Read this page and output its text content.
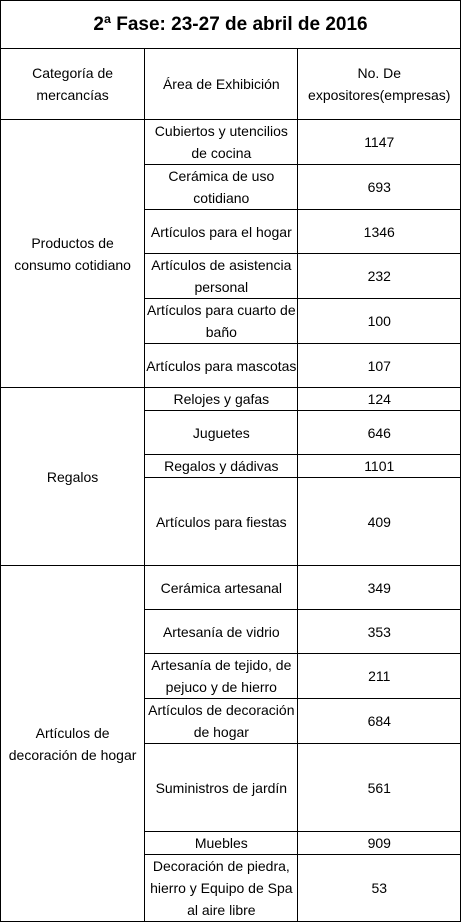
2ª Fase: 23-27 de abril de 2016		
Categoría de mercancías	Área de Exhibición	No. De expositores(empresas)
Productos de consumo cotidiano	Cubiertos y utencilios de cocina	1147
	Cerámica de uso cotidiano	693
	Artículos para el hogar	1346
	Artículos de asistencia personal	232
	Artículos para cuarto de baño	100
	Artículos para mascotas	107
Regalos	Relojes y gafas	124
	Juguetes	646
	Regalos y dádivas	1101
	Artículos para fiestas	409
Artículos de decoración de hogar	Cerámica artesanal	349
	Artesanía de vidrio	353
	Artesanía de tejido, de pejuco y de hierro	211
	Artículos de decoración de hogar	684
	Suministros de jardín	561
	Muebles	909
	Decoración de piedra, hierro y Equipo de Spa al aire libre	53
